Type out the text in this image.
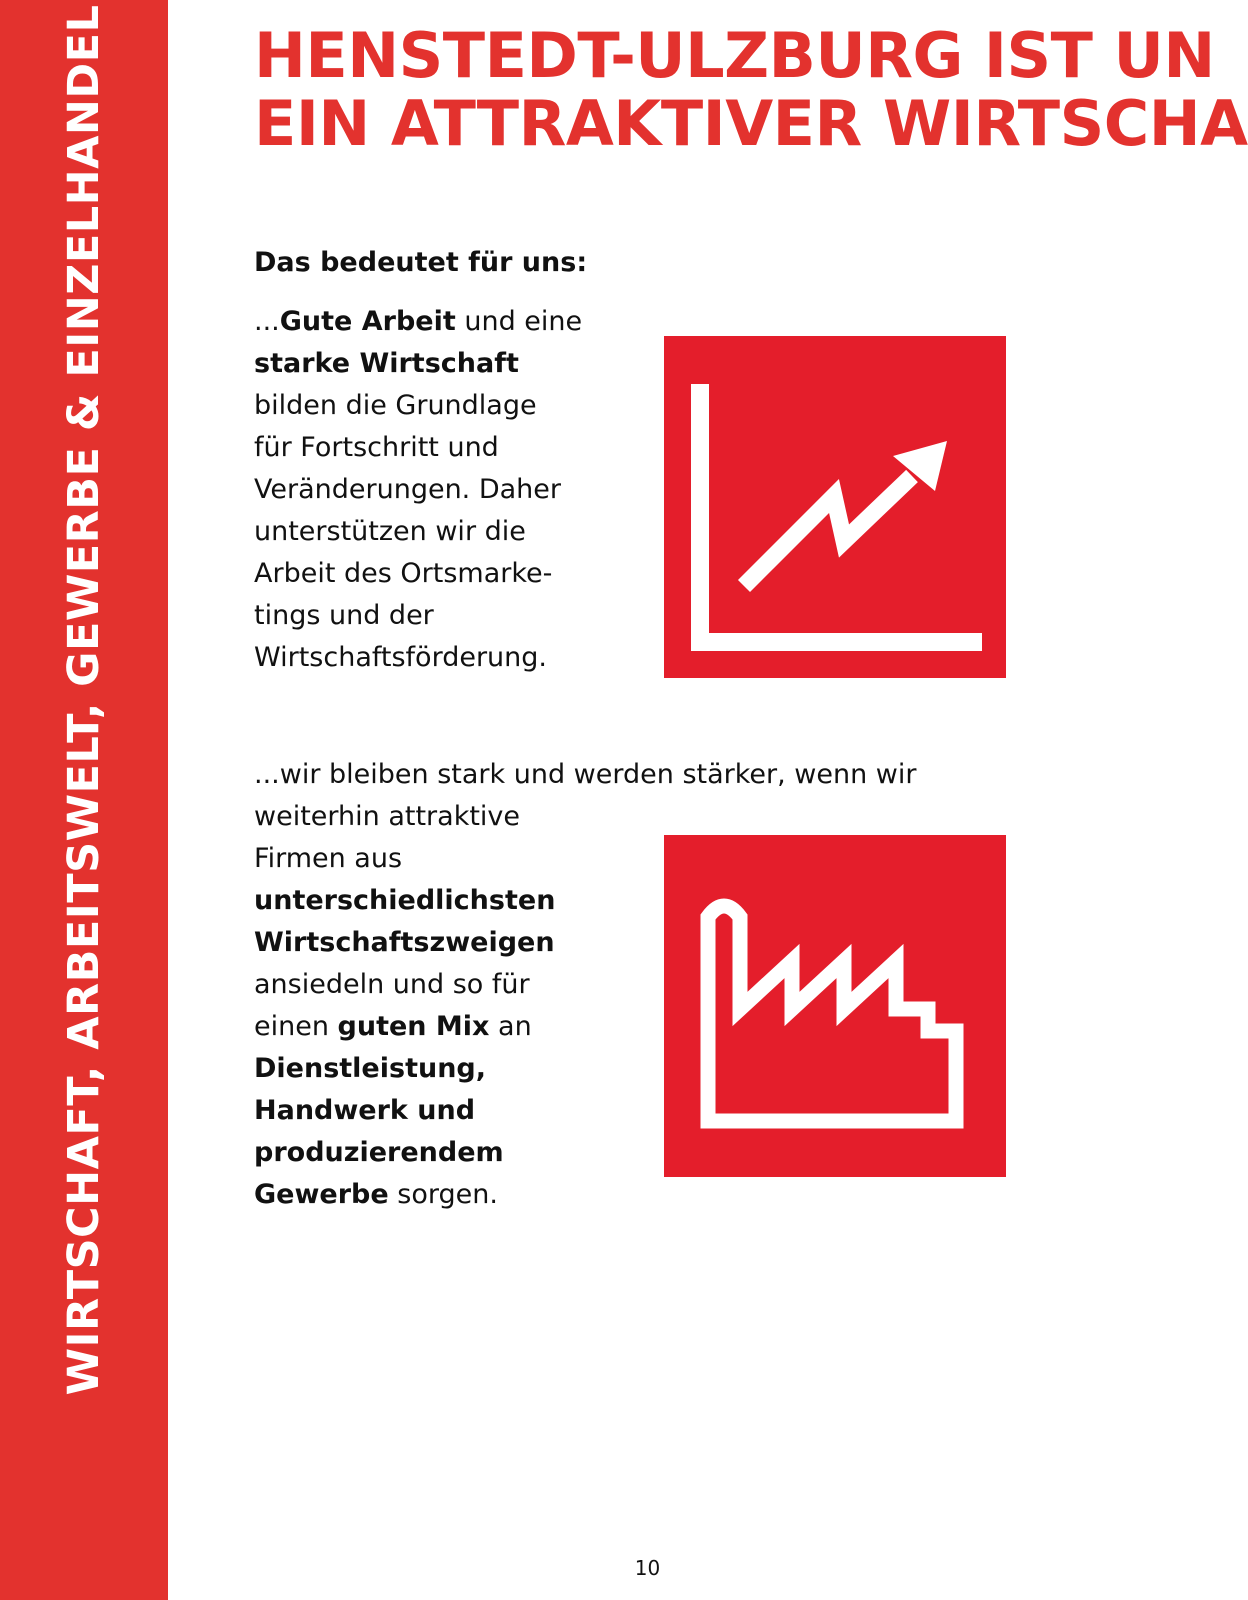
WIRTSCHAFT, ARBEITSWELT, GEWERBE & EINZELHANDEL HENSTEDT-ULZBURG IST UN
EIN ATTRAKTIVER WIRTSCHA
Das bedeutet für uns:
...Gute Arbeit und eine
starke Wirtschaft
bilden die Grundlage
für Fortschritt und
Veränderungen. Daher
unterstützen wir die
Arbeit des Ortsmarke-
tings und der
Wirtschaftsförderung.
...wir bleiben stark und werden stärker, wenn wir
weiterhin attraktive
Firmen aus
unterschiedlichsten
Wirtschaftszweigen
ansiedeln und so für
einen guten Mix an
Dienstleistung,
Handwerk und
produzierendem
Gewerbe sorgen.
10
